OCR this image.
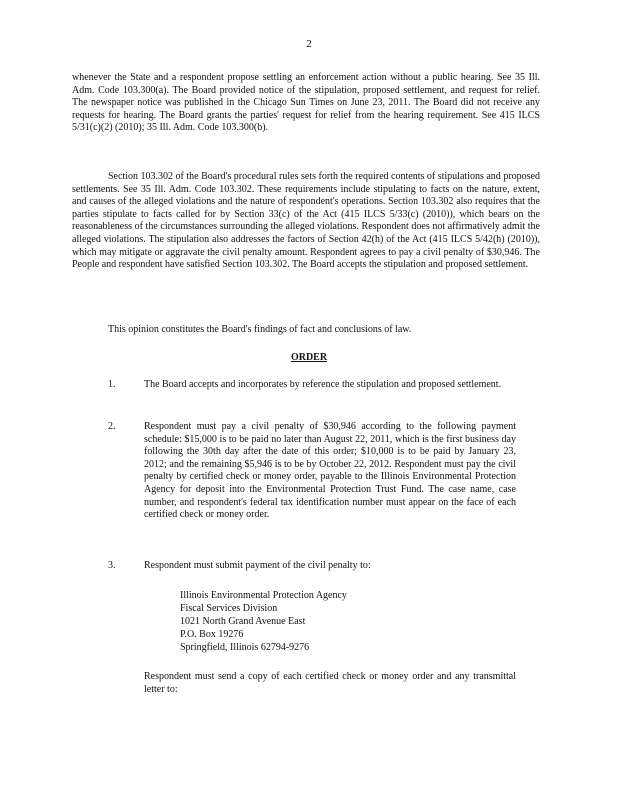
2

whenever the State and a respondent propose settling an enforcement action without a public hearing. See 35 Ill. Adm. Code 103.300(a). The Board provided notice of the stipulation, proposed settlement, and request for relief. The newspaper notice was published in the Chicago Sun Times on June 23, 2011. The Board did not receive any requests for hearing. The Board grants the parties' request for relief from the hearing requirement. See 415 ILCS 5/31(c)(2) (2010); 35 Ill. Adm. Code 103.300(b).

Section 103.302 of the Board's procedural rules sets forth the required contents of stipulations and proposed settlements. See 35 Ill. Adm. Code 103.302. These requirements include stipulating to facts on the nature, extent, and causes of the alleged violations and the nature of respondent's operations. Section 103.302 also requires that the parties stipulate to facts called for by Section 33(c) of the Act (415 ILCS 5/33(c) (2010)), which bears on the reasonableness of the circumstances surrounding the alleged violations. Respondent does not affirmatively admit the alleged violations. The stipulation also addresses the factors of Section 42(h) of the Act (415 ILCS 5/42(h) (2010)), which may mitigate or aggravate the civil penalty amount. Respondent agrees to pay a civil penalty of $30,946. The People and respondent have satisfied Section 103.302. The Board accepts the stipulation and proposed settlement.

This opinion constitutes the Board's findings of fact and conclusions of law.

ORDER
1.	The Board accepts and incorporates by reference the stipulation and proposed settlement.
2.	Respondent must pay a civil penalty of $30,946 according to the following payment schedule: $15,000 is to be paid no later than August 22, 2011, which is the first business day following the 30th day after the date of this order; $10,000 is to be paid by January 23, 2012; and the remaining $5,946 is to be by October 22, 2012. Respondent must pay the civil penalty by certified check or money order, payable to the Illinois Environmental Protection Agency for deposit into the Environmental Protection Trust Fund. The case name, case number, and respondent's federal tax identification number must appear on the face of each certified check or money order.
3.	Respondent must submit payment of the civil penalty to:
Illinois Environmental Protection Agency
Fiscal Services Division
1021 North Grand Avenue East
P.O. Box 19276
Springfield, Illinois 62794-9276
Respondent must send a copy of each certified check or money order and any transmittal letter to:
